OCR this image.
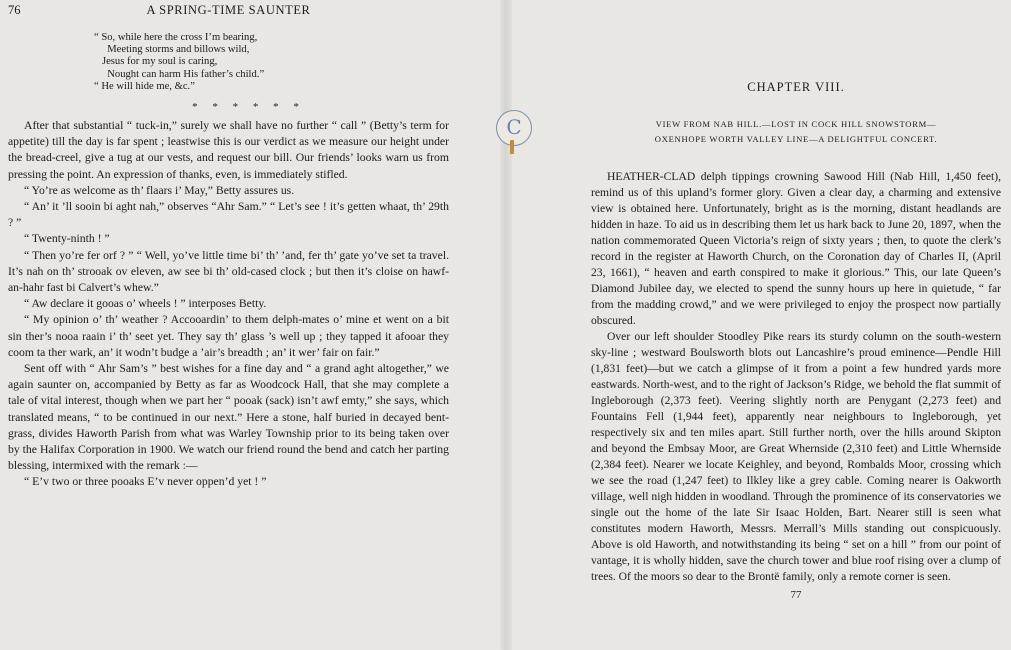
76	A SPRING-TIME SAUNTER
“ So, while here the cross I’m bearing,
Meeting storms and billows wild,
Jesus for my soul is caring,
Nought can harm His father’s child.”
“ He will hide me, &c.”
* * * * * *

After that substantial “ tuck-in,” surely we shall have no further “ call ” (Betty’s term for appetite) till the day is far spent ; leastwise this is our verdict as we measure our height under the bread-creel, give a tug at our vests, and request our bill. Our friends’ looks warn us from pressing the point. An expression of thanks, even, is immediately stifled.

“ Yo’re as welcome as th’ flaars i’ May,” Betty assures us.

“ An’ it ’ll sooin bi aght nah,” observes “Ahr Sam.” “ Let’s see ! it’s getten whaat, th’ 29th ? ”

“ Twenty-ninth ! ”

“ Then yo’re fer orf ? ” “ Well, yo’ve little time bi’ th’ ’and, fer th’ gate yo’ve set ta travel. It’s nah on th’ strooak ov eleven, aw see bi th’ old-cased clock ; but then it’s cloise on hawf-an-hahr fast bi Calvert’s whew.”

“ Aw declare it gooas o’ wheels ! ” interposes Betty.

“ My opinion o’ th’ weather ? Accooardin’ to them delph-mates o’ mine et went on a bit sin ther’s nooa raain i’ th’ seet yet. They say th’ glass ’s well up ; they tapped it afooar they coom ta ther wark, an’ it wodn’t budge a ’air’s breadth ; an’ it wer’ fair on fair.”

Sent off with “ Ahr Sam’s ” best wishes for a fine day and “ a grand aght altogether,” we again saunter on, accompanied by Betty as far as Woodcock Hall, that she may complete a tale of vital interest, though when we part her “ pooak (sack) isn’t awf emty,” she says, which translated means, “ to be continued in our next.” Here a stone, half buried in decayed bent-grass, divides Haworth Parish from what was Warley Township prior to its being taken over by the Halifax Corporation in 1900. We watch our friend round the bend and catch her parting blessing, intermixed with the remark :—

“ E’v two or three pooaks E’v never oppen’d yet ! ”

CHAPTER VIII.
VIEW FROM NAB HILL.—LOST IN COCK HILL SNOWSTORM—
OXENHOPE WORTH VALLEY LINE—A DELIGHTFUL CONCERT.

HEATHER-CLAD delph tippings crowning Sawood Hill (Nab Hill, 1,450 feet), remind us of this upland’s former glory. Given a clear day, a charming and extensive view is obtained here. Unfortunately, bright as is the morning, distant headlands are hidden in haze. To aid us in describing them let us hark back to June 20, 1897, when the nation commemorated Queen Victoria’s reign of sixty years ; then, to quote the clerk’s record in the register at Haworth Church, on the Coronation day of Charles II, (April 23, 1661), “ heaven and earth conspired to make it glorious.” This, our late Queen’s Diamond Jubilee day, we elected to spend the sunny hours up here in quietude, “ far from the madding crowd,” and we were privileged to enjoy the prospect now partially obscured.

Over our left shoulder Stoodley Pike rears its sturdy column on the south-western sky-line ; westward Boulsworth blots out Lancashire’s proud eminence—Pendle Hill (1,831 feet)—but we catch a glimpse of it from a point a few hundred yards more eastwards. North-west, and to the right of Jackson’s Ridge, we behold the flat summit of Ingleborough (2,373 feet). Veering slightly north are Penygant (2,273 feet) and Fountains Fell (1,944 feet), apparently near neighbours to Ingleborough, yet respectively six and ten miles apart. Still further north, over the hills around Skipton and beyond the Embsay Moor, are Great Whernside (2,310 feet) and Little Whernside (2,384 feet). Nearer we locate Keighley, and beyond, Rombalds Moor, crossing which we see the road (1,247 feet) to Ilkley like a grey cable. Coming nearer is Oakworth village, well nigh hidden in woodland. Through the prominence of its conservatories we single out the home of the late Sir Isaac Holden, Bart. Nearer still is seen what constitutes modern Haworth, Messrs. Merrall’s Mills standing out conspicuously. Above is old Haworth, and notwithstanding its being “ set on a hill ” from our point of vantage, it is wholly hidden, save the church tower and blue roof rising over a clump of trees. Of the moors so dear to the Brontë family, only a remote corner is seen.

77
C
